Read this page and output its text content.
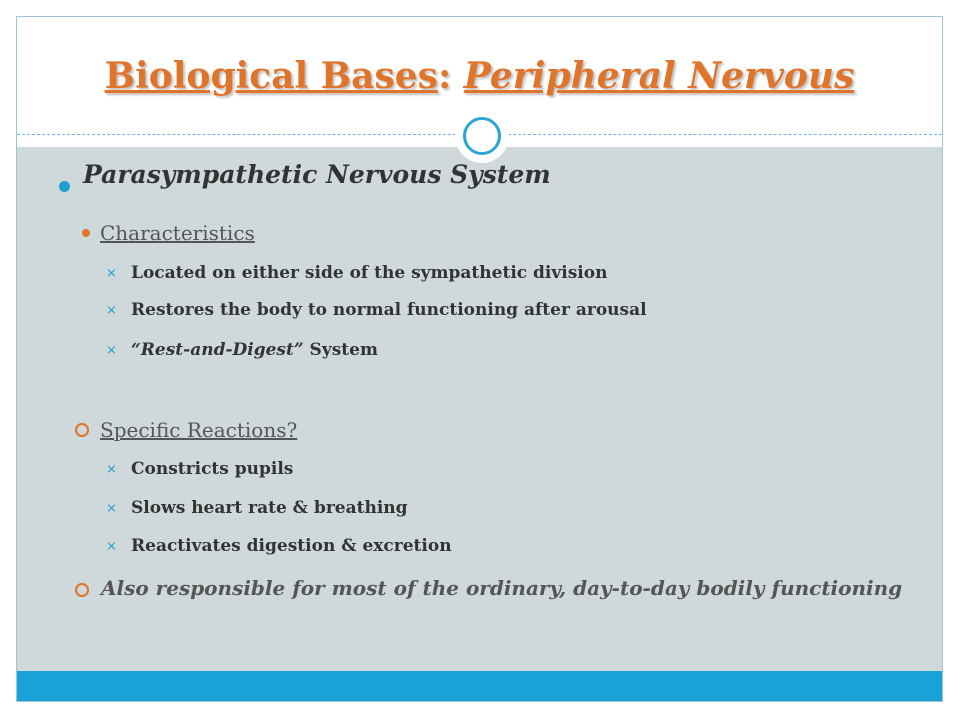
Biological Bases: Peripheral Nervous
Parasympathetic Nervous System
Characteristics
⨯ Located on either side of the sympathetic division
⨯ Restores the body to normal functioning after arousal
⨯ “Rest-and-Digest” System
Specific Reactions?
⨯ Constricts pupils
⨯ Slows heart rate & breathing
⨯ Reactivates digestion & excretion
Also responsible for most of the ordinary, day-to-day bodily functioning
